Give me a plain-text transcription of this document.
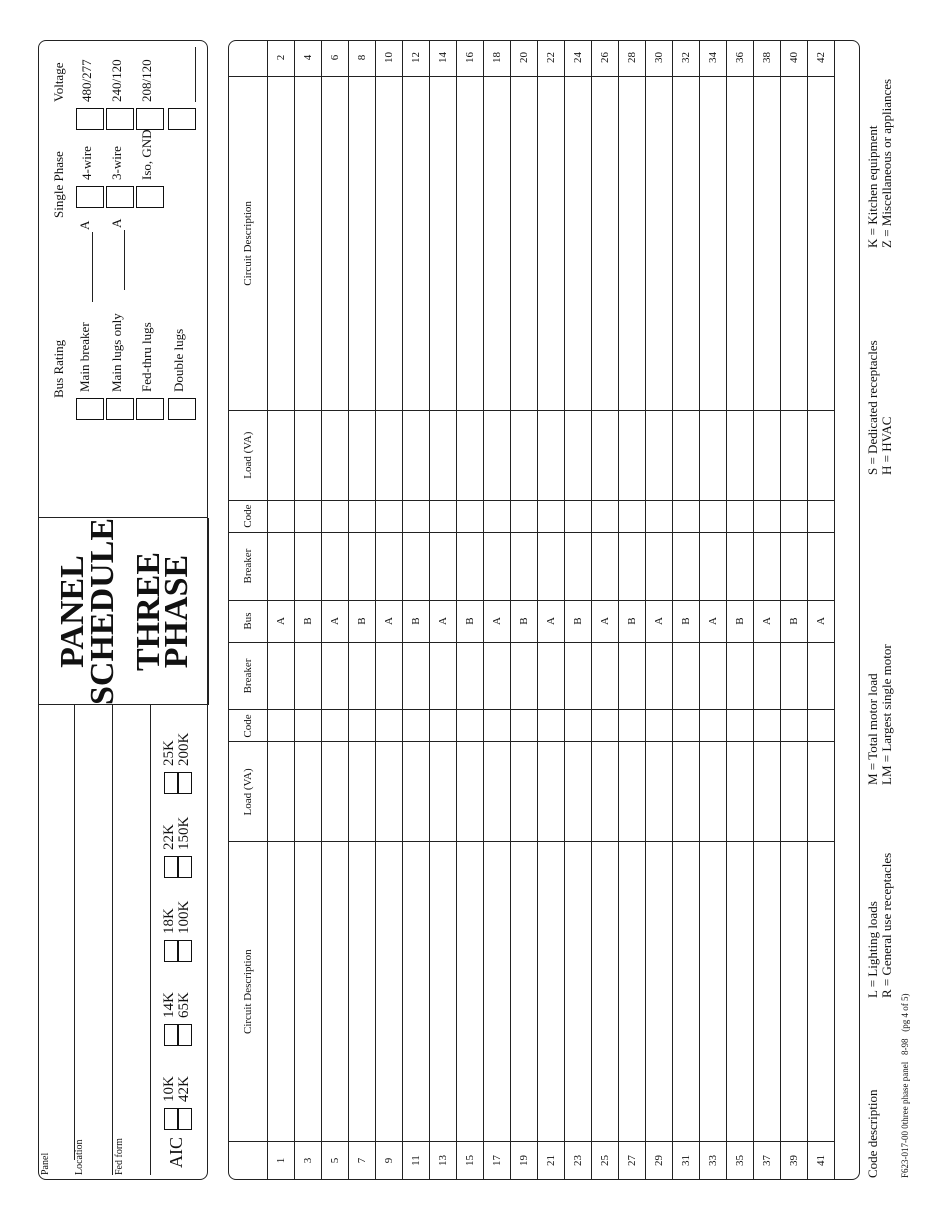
Panel Location	Fed form AIC
10K 42K
14K 65K
18K 100K
22K 150K
25K 200K
PANEL
SCHEDULE THREE
PHASE
Bus Rating Main breaker
A
Main lugs only
A
Fed-thru lugs Double lugs
Single Phase 4-wire 3-wire Iso, GND
Voltage 480/277 240/120 208/120
	Circuit Description	Load (VA)	Code	Breaker	Bus	Breaker	Code	Load (VA)	Circuit Description	
1					A					2
3					B					4
5					A					6
7					B					8
9					A					10
11					B					12
13					A					14
15					B					16
17					A					18
19					B					20
21					A					22
23					B					24
25					A					26
27					B					28
29					A					30
31					B					32
33					A					34
35					B					36
37					A					38
39					B					40
41					A					42
Code description
L = Lighting loads R = General use receptacles
M = Total motor load LM = Largest single motor
S = Dedicated receptacles H = HVAC
K = Kitchen equipment Z = Miscellaneous or appliances
F623-017-00 0three phase panel   8-98   (pg 4 of 5)
